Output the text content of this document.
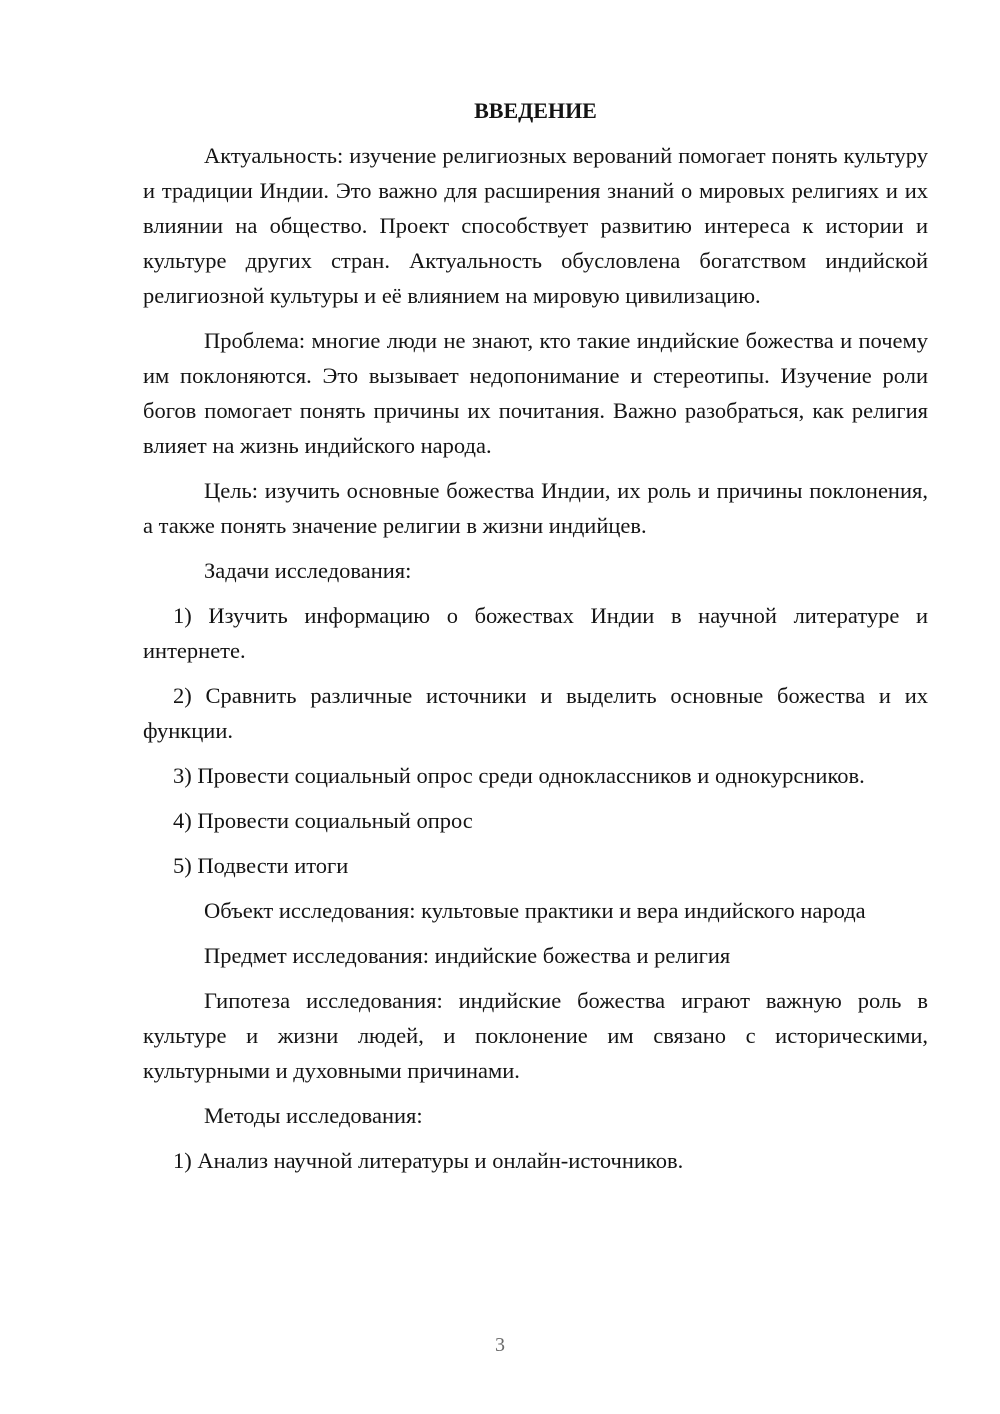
ВВЕДЕНИЕ

Актуальность: изучение религиозных верований помогает понять культуру и традиции Индии. Это важно для расширения знаний о мировых религиях и их влиянии на общество. Проект способствует развитию интереса к истории и культуре других стран. Актуальность обусловлена богатством индийской религиозной культуры и её влиянием на мировую цивилизацию.

Проблема: многие люди не знают, кто такие индийские божества и почему им поклоняются. Это вызывает недопонимание и стереотипы. Изучение роли богов помогает понять причины их почитания. Важно разобраться, как религия влияет на жизнь индийского народа.

Цель: изучить основные божества Индии, их роль и причины поклонения, а также понять значение религии в жизни индийцев.

Задачи исследования:

1) Изучить информацию о божествах Индии в научной литературе и интернете.

2) Сравнить различные источники и выделить основные божества и их функции.

3) Провести социальный опрос среди одноклассников и однокурсников.

4) Провести социальный опрос

5) Подвести итоги

Объект исследования: культовые практики и вера индийского народа

Предмет исследования: индийские божества и религия

Гипотеза исследования: индийские божества играют важную роль в культуре и жизни людей, и поклонение им связано с историческими, культурными и духовными причинами.

Методы исследования:

1) Анализ научной литературы и онлайн-источников.

3
